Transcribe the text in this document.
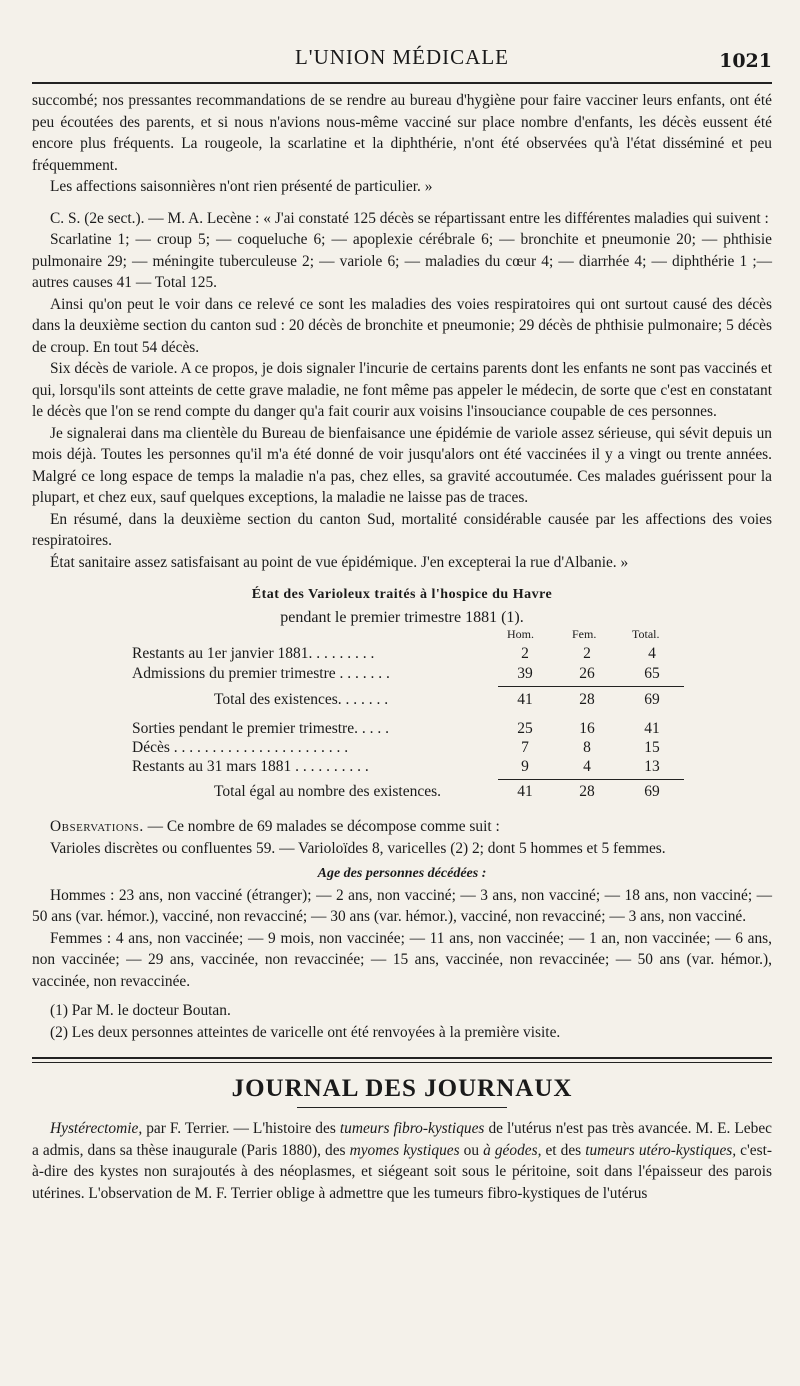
L'UNION MÉDICALE	1021

succombé; nos pressantes recommandations de se rendre au bureau d'hygiène pour faire vacciner leurs enfants, ont été peu écoutées des parents, et si nous n'avions nous-même vacciné sur place nombre d'enfants, les décès eussent été encore plus fréquents. La rougeole, la scarlatine et la diphthérie, n'ont été observées qu'à l'état disséminé et peu fréquemment.

Les affections saisonnières n'ont rien présenté de particulier. »

C. S. (2e sect.). — M. A. Lecène : « J'ai constaté 125 décès se répartissant entre les différentes maladies qui suivent :

Scarlatine 1; — croup 5; — coqueluche 6; — apoplexie cérébrale 6; — bronchite et pneumonie 20; — phthisie pulmonaire 29; — méningite tuberculeuse 2; — variole 6; — maladies du cœur 4; — diarrhée 4; — diphthérie 1 ;— autres causes 41 — Total 125.

Ainsi qu'on peut le voir dans ce relevé ce sont les maladies des voies respiratoires qui ont surtout causé des décès dans la deuxième section du canton sud : 20 décès de bronchite et pneumonie; 29 décès de phthisie pulmonaire; 5 décès de croup. En tout 54 décès.

Six décès de variole. A ce propos, je dois signaler l'incurie de certains parents dont les enfants ne sont pas vaccinés et qui, lorsqu'ils sont atteints de cette grave maladie, ne font même pas appeler le médecin, de sorte que c'est en constatant le décès que l'on se rend compte du danger qu'a fait courir aux voisins l'insouciance coupable de ces personnes.

Je signalerai dans ma clientèle du Bureau de bienfaisance une épidémie de variole assez sérieuse, qui sévit depuis un mois déjà. Toutes les personnes qu'il m'a été donné de voir jusqu'alors ont été vaccinées il y a vingt ou trente années. Malgré ce long espace de temps la maladie n'a pas, chez elles, sa gravité accoutumée. Ces malades guérissent pour la plupart, et chez eux, sauf quelques exceptions, la maladie ne laisse pas de traces.

En résumé, dans la deuxième section du canton Sud, mortalité considérable causée par les affections des voies respiratoires.

État sanitaire assez satisfaisant au point de vue épidémique. J'en excepterai la rue d'Albanie. »

État des Varioleux traités à l'hospice du Havre
pendant le premier trimestre 1881 (1).
Hom.	Fem.	Total.
Restants au 1er janvier 1881. . . . . . . . .	2	2	4
Admissions du premier trimestre . . . . . . .	39	26	65
Total des existences. . . . . . .	41	28	69
Sorties pendant le premier trimestre. . . . .	25	16	41
Décès . . . . . . . . . . . . . . . . . . . . . . .	7	8	15
Restants au 31 mars 1881 . . . . . . . . . .	9	4	13
Total égal au nombre des existences.	41	28	69

Observations. — Ce nombre de 69 malades se décompose comme suit :

Varioles discrètes ou confluentes 59. — Varioloïdes 8, varicelles (2) 2; dont 5 hommes et 5 femmes.

Age des personnes décédées :

Hommes : 23 ans, non vacciné (étranger); — 2 ans, non vacciné; — 3 ans, non vacciné; — 18 ans, non vacciné; — 50 ans (var. hémor.), vacciné, non revacciné; — 30 ans (var. hémor.), vacciné, non revacciné; — 3 ans, non vacciné.

Femmes : 4 ans, non vaccinée; — 9 mois, non vaccinée; — 11 ans, non vaccinée; — 1 an, non vaccinée; — 6 ans, non vaccinée; — 29 ans, vaccinée, non revaccinée; — 15 ans, vaccinée, non revaccinée; — 50 ans (var. hémor.), vaccinée, non revaccinée.

(1) Par M. le docteur Boutan.

(2) Les deux personnes atteintes de varicelle ont été renvoyées à la première visite.

JOURNAL DES JOURNAUX

Hystérectomie, par F. Terrier. — L'histoire des tumeurs fibro-kystiques de l'utérus n'est pas très avancée. M. E. Lebec a admis, dans sa thèse inaugurale (Paris 1880), des myomes kystiques ou à géodes, et des tumeurs utéro-kystiques, c'est-à-dire des kystes non surajoutés à des néoplasmes, et siégeant soit sous le péritoine, soit dans l'épaisseur des parois utérines. L'observation de M. F. Terrier oblige à admettre que les tumeurs fibro-kystiques de l'utérus
